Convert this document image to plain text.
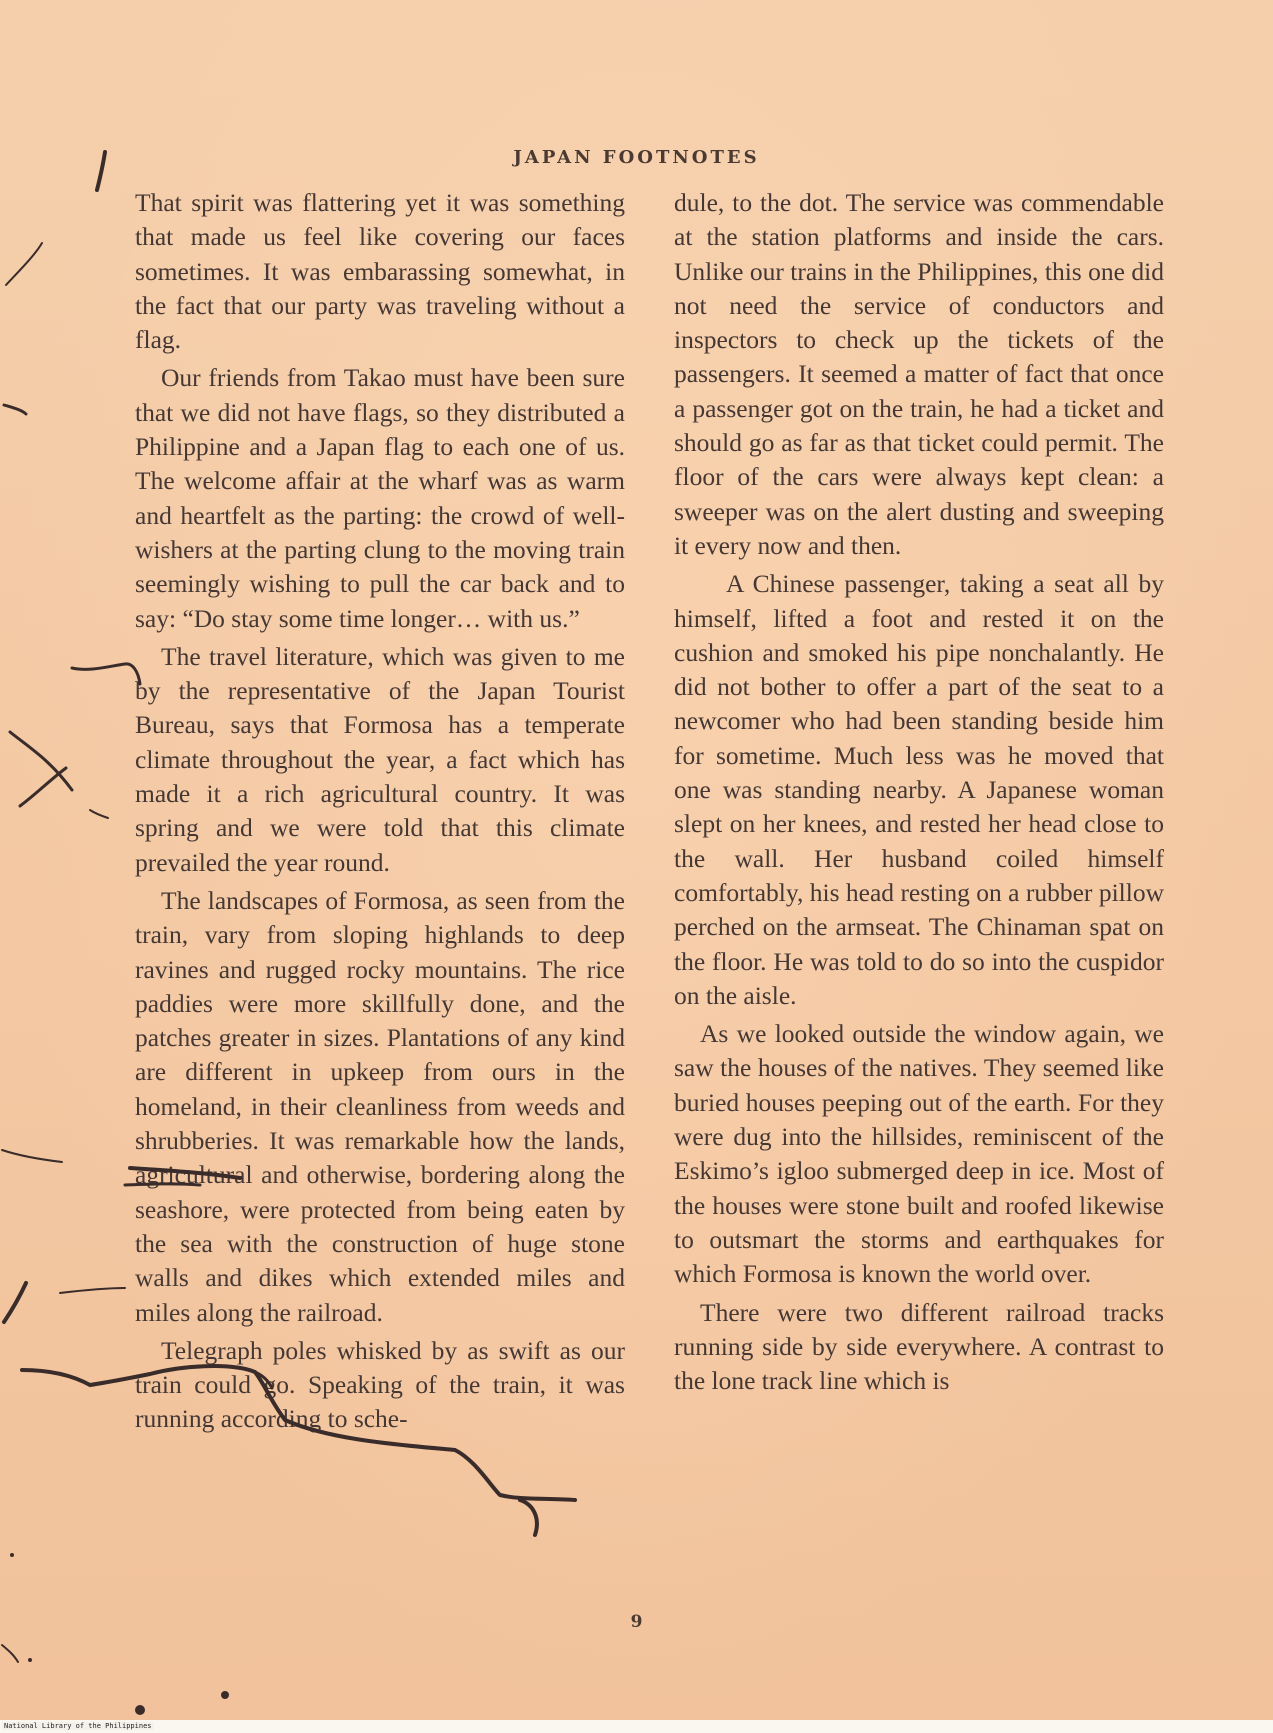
JAPAN FOOTNOTES

That spirit was flattering yet it was something that made us feel like covering our faces sometimes. It was embarassing somewhat, in the fact that our party was traveling without a flag.

Our friends from Takao must have been sure that we did not have flags, so they distributed a Philippine and a Japan flag to each one of us. The welcome affair at the wharf was as warm and heartfelt as the parting: the crowd of well-wishers at the parting clung to the moving train seemingly wishing to pull the car back and to say: “Do stay some time longer… with us.”

The travel literature, which was given to me by the representative of the Japan Tourist Bureau, says that Formosa has a temperate climate throughout the year, a fact which has made it a rich agricultural country. It was spring and we were told that this climate prevailed the year round.

The landscapes of Formosa, as seen from the train, vary from sloping highlands to deep ravines and rugged rocky mountains. The rice paddies were more skillfully done, and the patches greater in sizes. Plantations of any kind are different in upkeep from ours in the homeland, in their cleanliness from weeds and shrubberies. It was remarkable how the lands, agricultural and otherwise, bordering along the seashore, were protected from being eaten by the sea with the construction of huge stone walls and dikes which extended miles and miles along the railroad.

Telegraph poles whisked by as swift as our train could go. Speaking of the train, it was running according to sche-

dule, to the dot. The service was commendable at the station platforms and inside the cars. Unlike our trains in the Philippines, this one did not need the service of conductors and inspectors to check up the tickets of the passengers. It seemed a matter of fact that once a passenger got on the train, he had a ticket and should go as far as that ticket could permit. The floor of the cars were always kept clean: a sweeper was on the alert dusting and sweeping it every now and then.

A Chinese passenger, taking a seat all by himself, lifted a foot and rested it on the cushion and smoked his pipe nonchalantly. He did not bother to offer a part of the seat to a newcomer who had been standing beside him for sometime. Much less was he moved that one was standing nearby. A Japanese woman slept on her knees, and rested her head close to the wall. Her husband coiled himself comfortably, his head resting on a rubber pillow perched on the armseat. The Chinaman spat on the floor. He was told to do so into the cuspidor on the aisle.

As we looked outside the window again, we saw the houses of the natives. They seemed like buried houses peeping out of the earth. For they were dug into the hillsides, reminiscent of the Eskimo’s igloo submerged deep in ice. Most of the houses were stone built and roofed likewise to outsmart the storms and earthquakes for which Formosa is known the world over.

There were two different railroad tracks running side by side everywhere. A contrast to the lone track line which is

9
National Library of the Philippines
